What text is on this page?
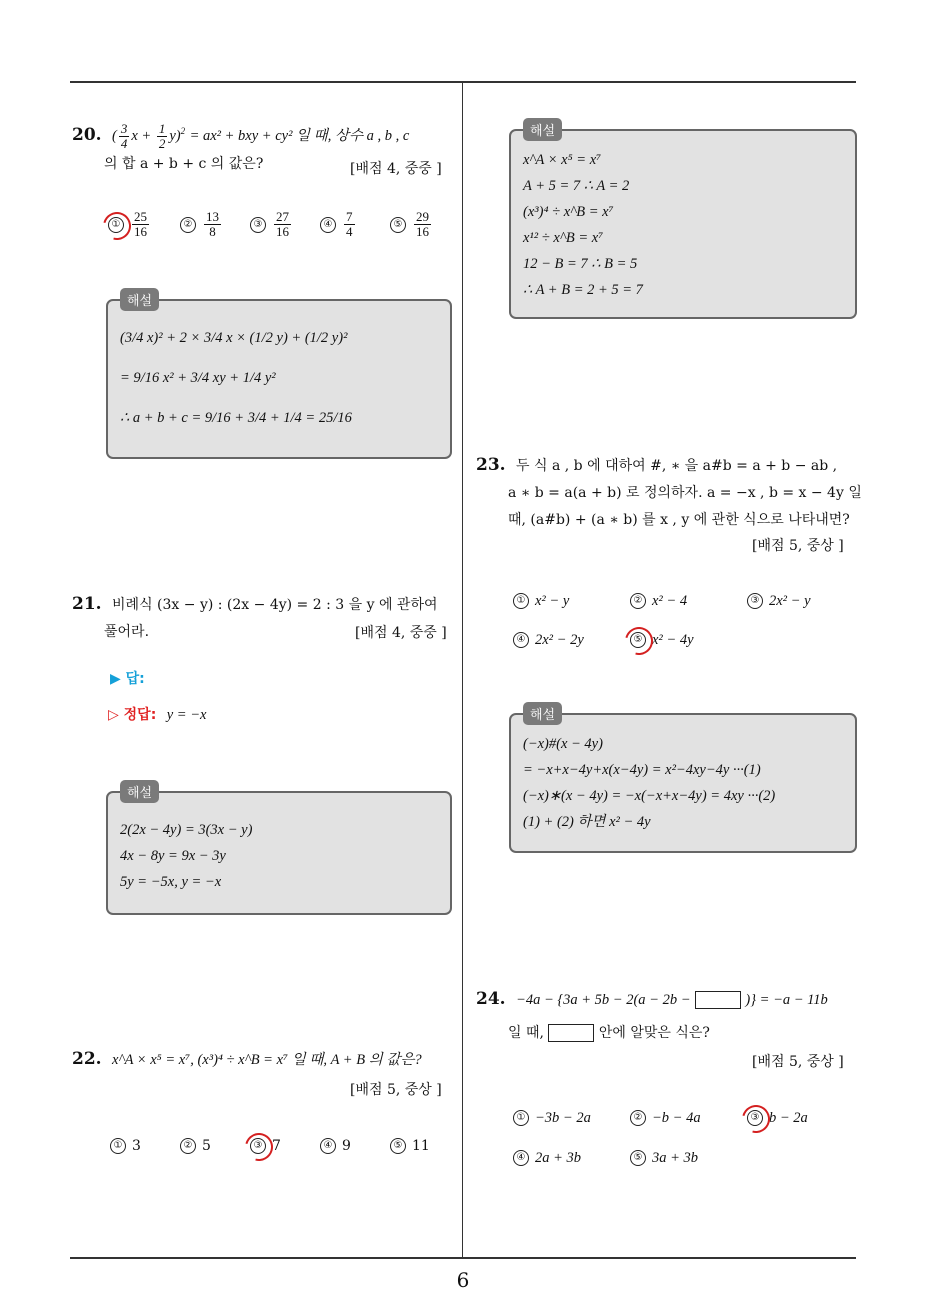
20. ( $\frac{3}{4}$ $x + \frac{1}{2} y)^2 = ax^2$ + bxy + cy² 일 때, 상수 a , b , c
의 합 a + b + c 의 값은?	[배점 4, 중중 ]
① $\frac{25}{16}$	② $\frac{13}{8}$	③ $\frac{27}{16}$	④ $\frac{7}{4}$	⑤ $\frac{29}{16}$
해설
(3/4 x)² + 2 × 3/4 x × (1/2 y) + (1/2 y)²
= 9/16 x² + 3/4 xy + 1/4 y²
∴ a + b + c = 9/16 + 3/4 + 1/4 = 25/16
21. 비례식 (3x − y) : (2x − 4y) = 2 : 3 을 y 에 관하여
풀어라.	[배점 4, 중중 ]
▶ 답:
▷ 정답: y = −x
해설
2(2x − 4y) = 3(3x − y)
4x − 8y = 9x − 3y
5y = −5x, y = −x
22. x^A × x⁵ = x⁷, (x³)⁴ ÷ x^B = x⁷ 일 때, A + B 의 값은?
[배점 5, 중상 ]
① 3	② 5	③ 7	④ 9	⑤ 11
해설
x^A × x⁵ = x⁷
A + 5 = 7 ∴ A = 2
(x³)⁴ ÷ x^B = x⁷
x¹² ÷ x^B = x⁷
12 − B = 7 ∴ B = 5
∴ A + B = 2 + 5 = 7
23. 두 식 a , b 에 대하여 #, ∗ 을 a#b = a + b − ab ,
a ∗ b = a(a + b) 로 정의하자. a = −x , b = x − 4y 일
때, (a#b) + (a ∗ b) 를 x , y 에 관한 식으로 나타내면?
[배점 5, 중상 ]
① x² − y	② x² − 4	③ 2x² − y
④ 2x² − 2y	⑤ x² − 4y
해설
(−x)#(x − 4y)
= −x+x−4y+x(x−4y) = x²−4xy−4y ···(1)
(−x)∗(x − 4y) = −x(−x+x−4y) = 4xy ···(2)
(1) + (2) 하면 x² − 4y
24. −4a − {3a + 5b − 2(a − 2b −	)} = −a − 11b
일 때,	안에 알맞은 식은?
[배점 5, 중상 ]
① −3b − 2a	② −b − 4a	③ b − 2a
④ 2a + 3b	⑤ 3a + 3b
6
